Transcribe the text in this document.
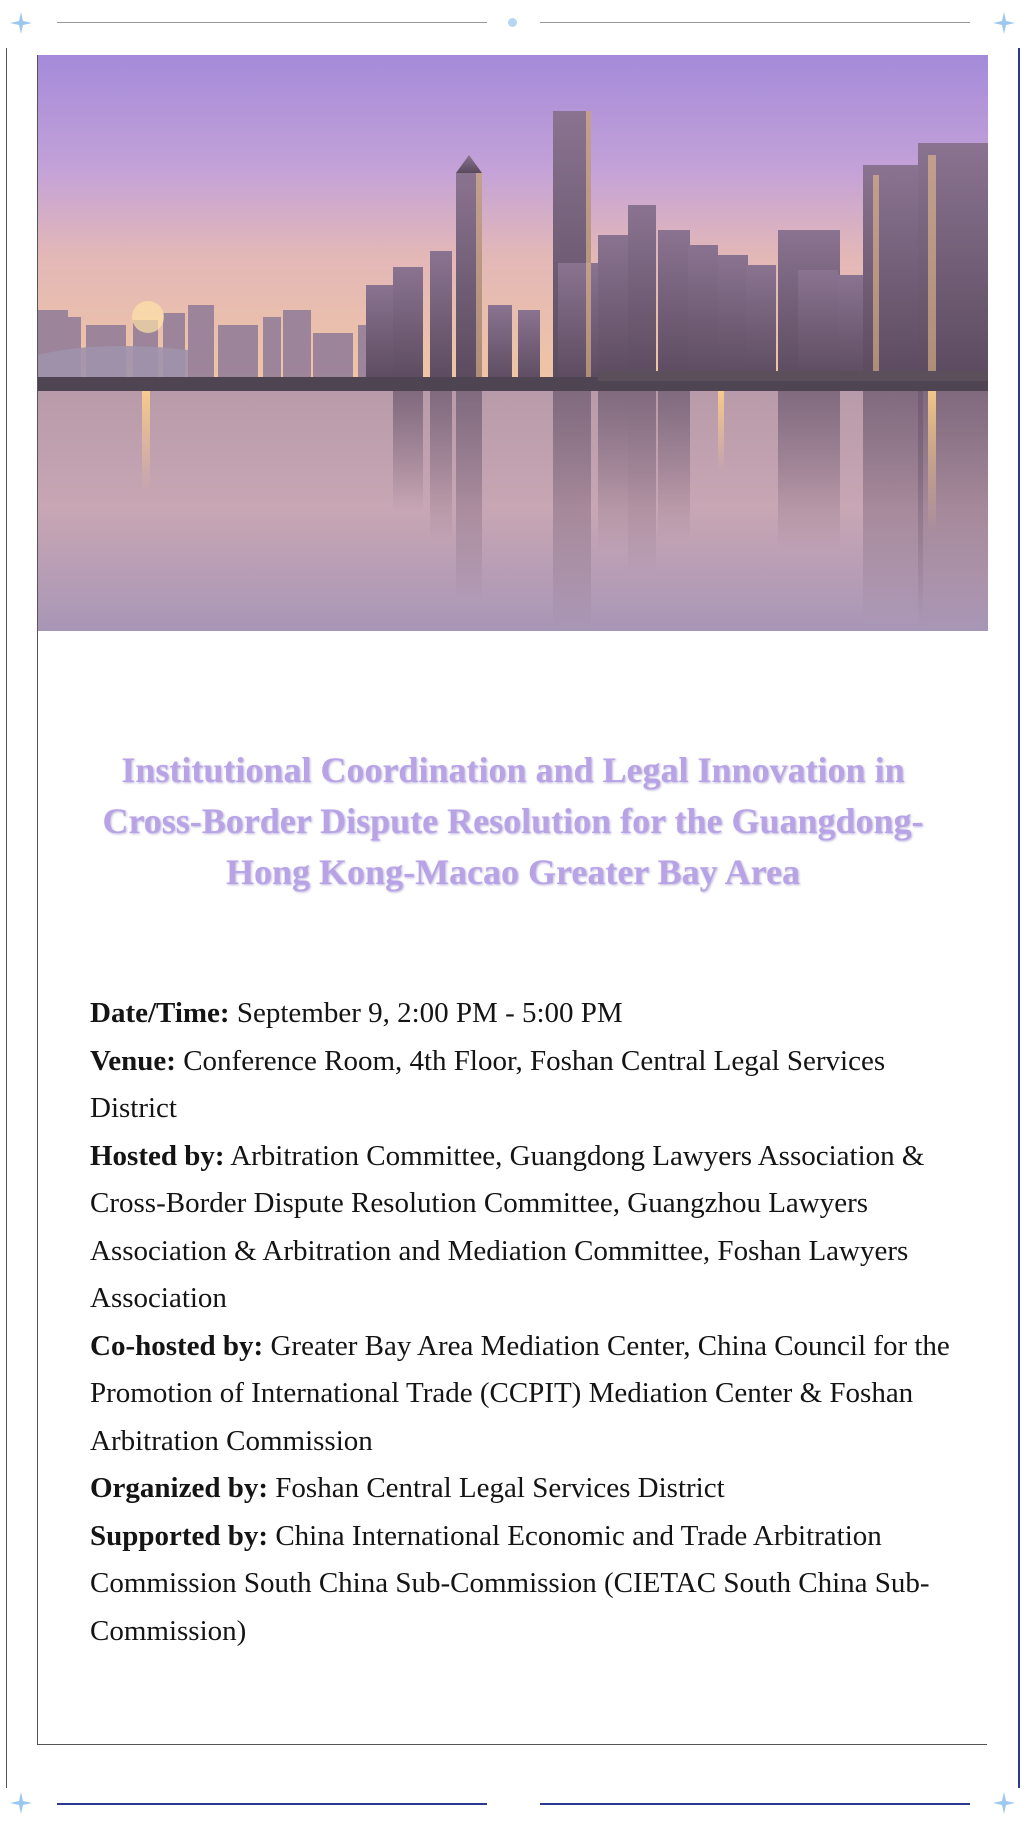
Institutional Coordination and Legal Innovation in Cross-Border Dispute Resolution for the Guangdong-Hong Kong-Macao Greater Bay Area
Date/Time: September 9, 2:00 PM - 5:00 PM
Venue: Conference Room, 4th Floor, Foshan Central Legal Services District
Hosted by: Arbitration Committee, Guangdong Lawyers Association & Cross-Border Dispute Resolution Committee, Guangzhou Lawyers Association & Arbitration and Mediation Committee, Foshan Lawyers Association
Co-hosted by: Greater Bay Area Mediation Center, China Council for the Promotion of International Trade (CCPIT) Mediation Center & Foshan Arbitration Commission
Organized by: Foshan Central Legal Services District
Supported by: China International Economic and Trade Arbitration Commission South China Sub-Commission (CIETAC South China Sub-Commission)
